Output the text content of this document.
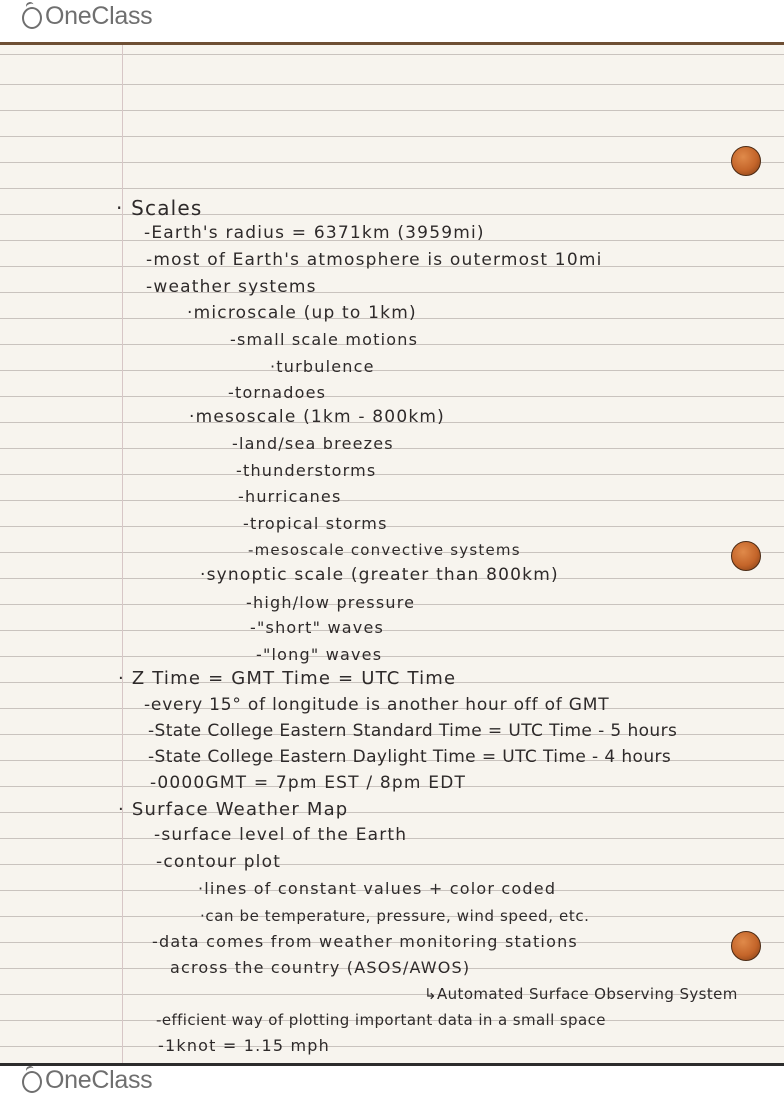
OneClass
· Scales
-Earth's radius = 6371km (3959mi)
-most of Earth's atmosphere is outermost 10mi
-weather systems
·microscale (up to 1km)
-small scale motions
·turbulence
-tornadoes
·mesoscale (1km - 800km)
-land/sea breezes
-thunderstorms
-hurricanes
-tropical storms
-mesoscale convective systems
·synoptic scale (greater than 800km)
-high/low pressure
-"short" waves
-"long" waves
· Z Time = GMT Time = UTC Time
-every 15° of longitude is another hour off of GMT
-State College Eastern Standard Time = UTC Time - 5 hours
-State College Eastern Daylight Time = UTC Time - 4 hours
-0000GMT = 7pm EST / 8pm EDT
· Surface Weather Map
-surface level of the Earth
-contour plot
·lines of constant values + color coded
·can be temperature, pressure, wind speed, etc.
-data comes from weather monitoring stations
across the country (ASOS/AWOS)
↳Automated Surface Observing System
-efficient way of plotting important data in a small space
-1knot = 1.15 mph
OneClass
